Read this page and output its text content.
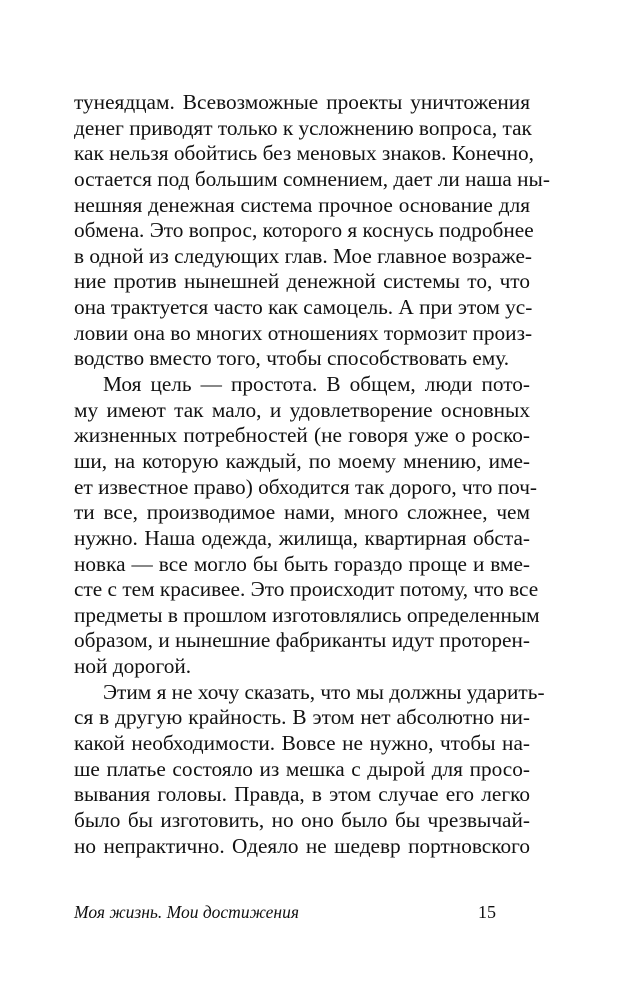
тунеядцам. Всевозможные проекты уничтожения
денег приводят только к усложнению вопроса, так
как нельзя обойтись без меновых знаков. Конечно,
остается под большим сомнением, дает ли наша ны-
нешняя денежная система прочное основание для
обмена. Это вопрос, которого я коснусь подробнее
в одной из следующих глав. Мое главное возраже-
ние против нынешней денежной системы то, что
она трактуется часто как самоцель. А при этом ус-
ловии она во многих отношениях тормозит произ-
водство вместо того, чтобы способствовать ему.
Моя цель — простота. В общем, люди пото-
му имеют так мало, и удовлетворение основных
жизненных потребностей (не говоря уже о роско-
ши, на которую каждый, по моему мнению, име-
ет известное право) обходится так дорого, что поч-
ти все, производимое нами, много сложнее, чем
нужно. Наша одежда, жилища, квартирная обста-
новка — все могло бы быть гораздо проще и вме-
сте с тем красивее. Это происходит потому, что все
предметы в прошлом изготовлялись определенным
образом, и нынешние фабриканты идут проторен-
ной дорогой.
Этим я не хочу сказать, что мы должны ударить-
ся в другую крайность. В этом нет абсолютно ни-
какой необходимости. Вовсе не нужно, чтобы на-
ше платье состояло из мешка с дырой для просо-
вывания головы. Правда, в этом случае его легко
было бы изготовить, но оно было бы чрезвычай-
но непрактично. Одеяло не шедевр портновского
Моя жизнь. Мои достижения	15
